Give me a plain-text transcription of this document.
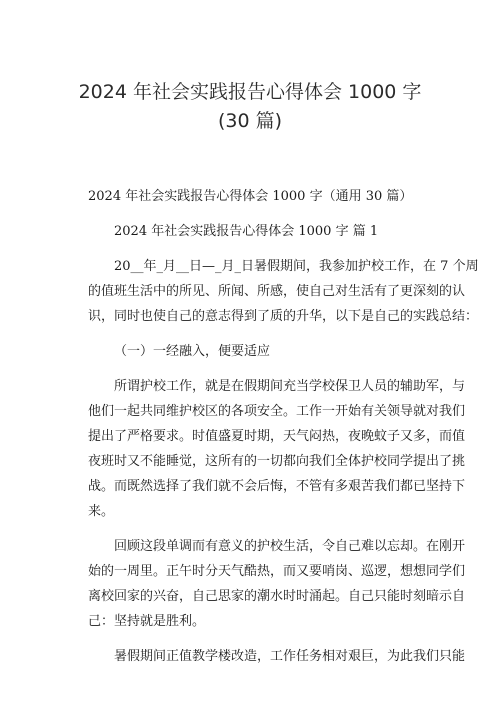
2024 年社会实践报告心得体会 1000 字
(30 篇)
2024 年社会实践报告心得体会 1000 字（通用 30 篇）
2024 年社会实践报告心得体会 1000 字 篇 1
20__年_月__日—_月_日暑假期间，我参加护校工作，在 7 个周
的值班生活中的所见、所闻、所感，使自己对生活有了更深刻的认
识，同时也使自己的意志得到了质的升华，以下是自己的实践总结：
（一）一经融入，便要适应
所谓护校工作，就是在假期间充当学校保卫人员的辅助军，与
他们一起共同维护校区的各项安全。工作一开始有关领导就对我们
提出了严格要求。时值盛夏时期，天气闷热，夜晚蚊子又多，而值
夜班时又不能睡觉，这所有的一切都向我们全体护校同学提出了挑
战。而既然选择了我们就不会后悔，不管有多艰苦我们都已坚持下
来。
回顾这段单调而有意义的护校生活，令自己难以忘却。在刚开
始的一周里。正午时分天气酷热，而又要哨岗、巡逻，想想同学们
离校回家的兴奋，自己思家的潮水时时涌起。自己只能时刻暗示自
己：坚持就是胜利。
暑假期间正值教学楼改造，工作任务相对艰巨，为此我们只能
